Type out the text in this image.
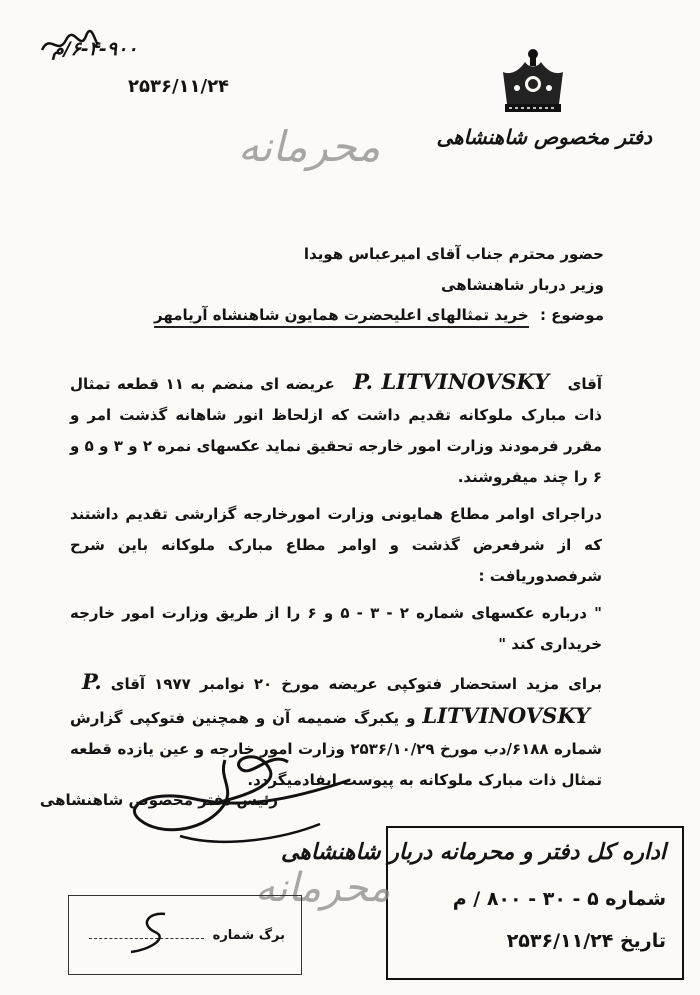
۶-۴-۹۰۰/م
۲۵۳۶/۱۱/۲۴
دفتر مخصوص شاهنشاهی
محرمانه
حضور محترم جناب آقای امیرعباس هویدا
وزیر دربار شاهنشاهی
موضوع : خرید تمثالهای اعلیحضرت همایون شاهنشاه آریامهر

آقای P. LITVINOVSKY عریضه ای منضم به ۱۱ قطعه تمثال ذات مبارک ملوکانه تقدیم داشت که ازلحاظ انور شاهانه گذشت امر و مقرر فرمودند وزارت امور خارجه تحقیق نماید عکسهای نمره ۲ و ۳ و ۵ و ۶ را چند میفروشند.

دراجرای اوامر مطاع همایونی وزارت امورخارجه گزارشی تقدیم داشتند که از شرفعرض گذشت و اوامر مطاع مبارک ملوکانه باین شرح شرفصدوریافت :

" درباره عکسهای شماره ۲ - ۳ - ۵ و ۶ را از طریق وزارت امور خارجه خریداری کند "

برای مزید استحضار فتوکپی عریضه مورخ ۲۰ نوامبر ۱۹۷۷ آقای P. LITVINOVSKY و یکبرگ ضمیمه آن و همچنین فتوکپی گزارش شماره ۶۱۸۸/دب مورخ ۲۵۳۶/۱۰/۲۹ وزارت امور خارجه و عین یازده قطعه تمثال ذات مبارک ملوکانه به پیوست ایفادمیگردد.

رئیس دفتر مخصوص شاهنشاهی
اداره کل دفتر و محرمانه دربار شاهنشاهی
شماره ۵ - ۳۰ - ۸۰۰ / م
تاریخ ۲۵۳۶/۱۱/۲۴
محرمانه
برگ شماره
